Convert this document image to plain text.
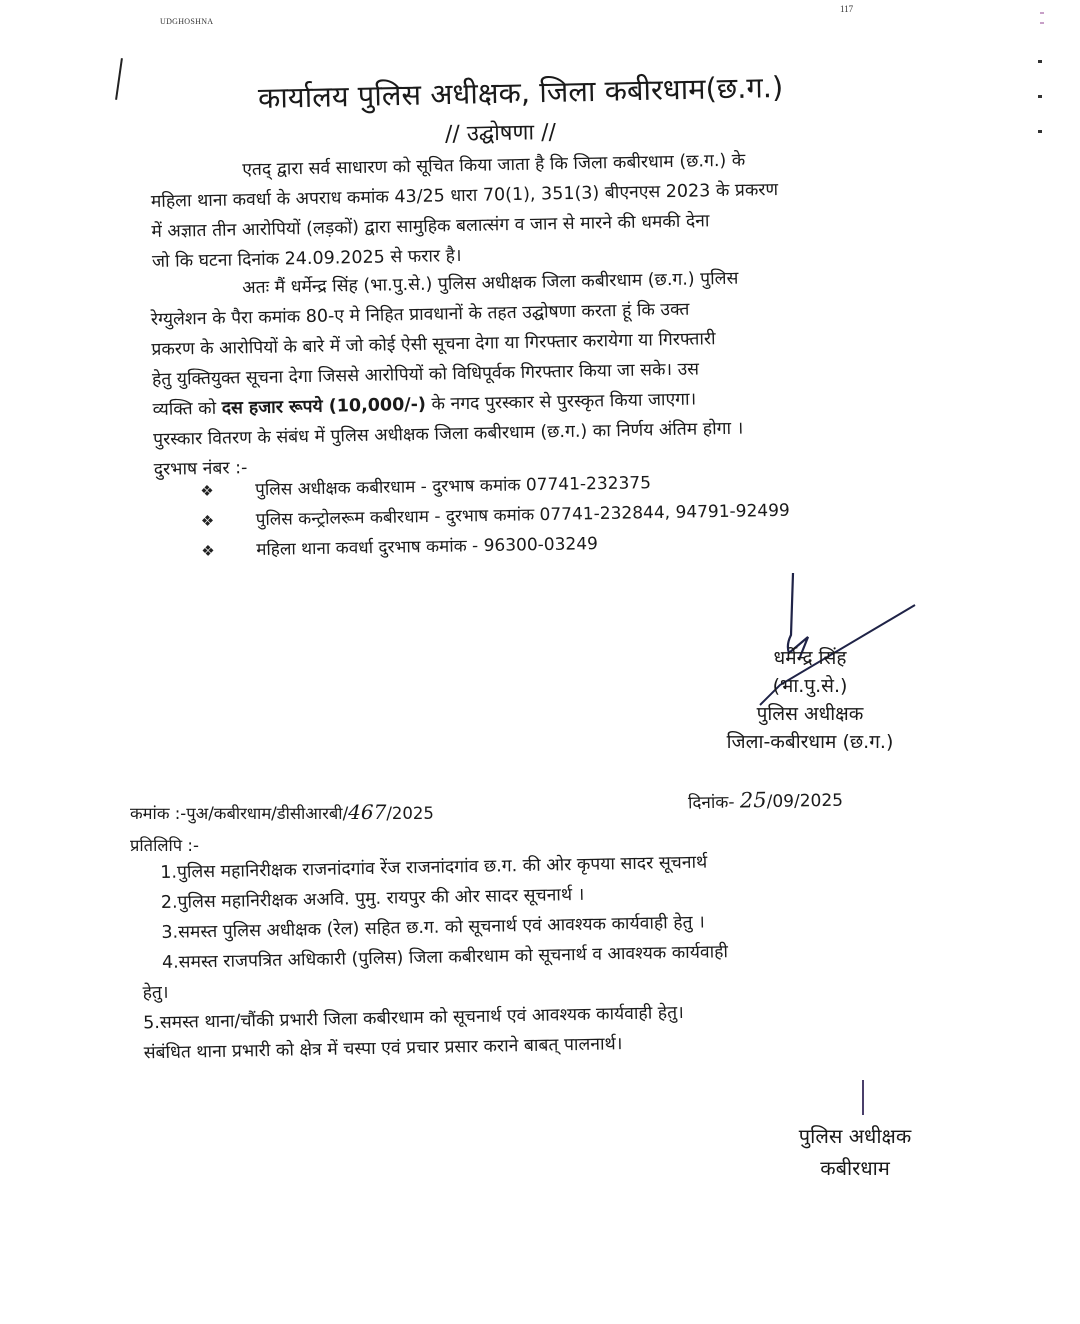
UDGHOSHNA
117
कार्यालय पुलिस अधीक्षक, जिला कबीरधाम(छ.ग.)
// उद्घोषणा //
एतद् द्वारा सर्व साधारण को सूचित किया जाता है कि जिला कबीरधाम (छ.ग.) के
महिला थाना कवर्धा के अपराध कमांक 43/25 धारा 70(1), 351(3) बीएनएस 2023 के प्रकरण
में अज्ञात तीन आरोपियों (लड़कों) द्वारा सामुहिक बलात्संग व जान से मारने की धमकी देना
जो कि घटना दिनांक 24.09.2025 से फरार है।
अतः मैं धर्मेन्द्र सिंह (भा.पु.से.) पुलिस अधीक्षक जिला कबीरधाम (छ.ग.) पुलिस
रेग्युलेशन के पैरा कमांक 80-ए मे निहित प्रावधानों के तहत उद्घोषणा करता हूं कि उक्त
प्रकरण के आरोपियों के बारे में जो कोई ऐसी सूचना देगा या गिरफ्तार करायेगा या गिरफ्तारी
हेतु युक्तियुक्त सूचना देगा जिससे आरोपियों को विधिपूर्वक गिरफ्तार किया जा सके। उस
व्यक्ति को दस हजार रूपये (10,000/-) के नगद पुरस्कार से पुरस्कृत किया जाएगा।
पुरस्कार वितरण के संबंध में पुलिस अधीक्षक जिला कबीरधाम (छ.ग.) का निर्णय अंतिम होगा ।
दुरभाष नंबर :-
❖ पुलिस अधीक्षक कबीरधाम - दुरभाष कमांक 07741-232375
❖ पुलिस कन्ट्रोलरूम कबीरधाम - दुरभाष कमांक 07741-232844, 94791-92499
❖ महिला थाना कवर्धा दुरभाष कमांक - 96300-03249
धर्मेन्द्र सिंह
(भा.पु.से.)
पुलिस अधीक्षक
जिला-कबीरधाम (छ.ग.)
कमांक :-पुअ/कबीरधाम/डीसीआरबी/467/2025
दिनांक- 25/09/2025
प्रतिलिपि :-
1.पुलिस महानिरीक्षक राजनांदगांव रेंज राजनांदगांव छ.ग. की ओर कृपया सादर सूचनार्थ
2.पुलिस महानिरीक्षक अअवि. पुमु. रायपुर की ओर सादर सूचनार्थ ।
3.समस्त पुलिस अधीक्षक (रेल) सहित छ.ग. को सूचनार्थ एवं आवश्यक कार्यवाही हेतु ।
4.समस्त राजपत्रित अधिकारी (पुलिस) जिला कबीरधाम को सूचनार्थ व आवश्यक कार्यवाही
हेतु।
5.समस्त थाना/चौंकी प्रभारी जिला कबीरधाम को सूचनार्थ एवं आवश्यक कार्यवाही हेतु।
संबंधित थाना प्रभारी को क्षेत्र में चस्पा एवं प्रचार प्रसार कराने बाबत् पालनार्थ।
पुलिस अधीक्षक
कबीरधाम
